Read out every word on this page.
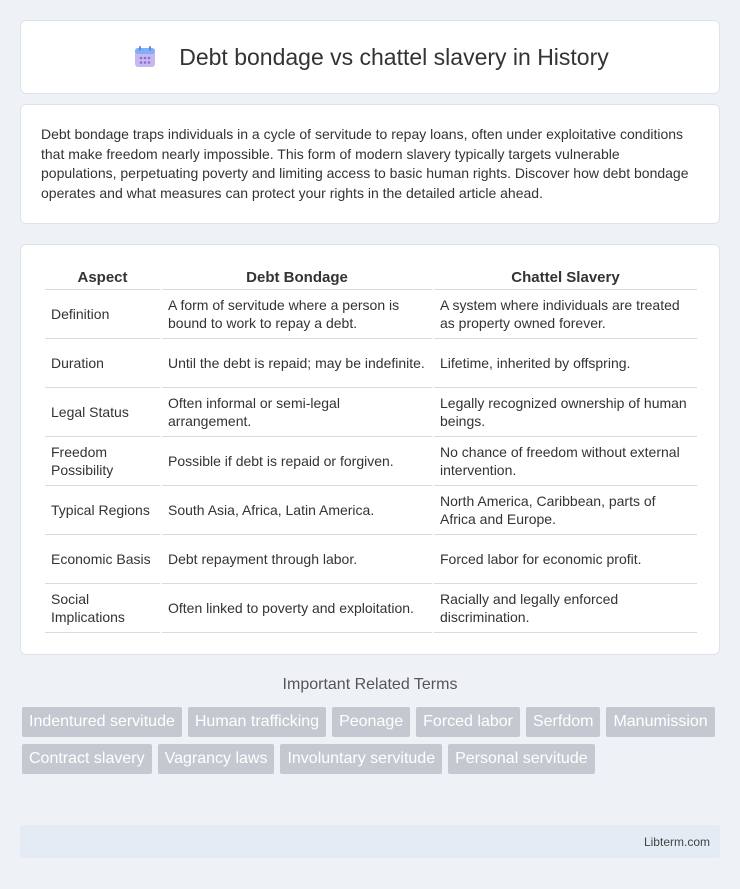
Debt bondage vs chattel slavery in History

Debt bondage traps individuals in a cycle of servitude to repay loans, often under exploitative conditions that make freedom nearly impossible. This form of modern slavery typically targets vulnerable populations, perpetuating poverty and limiting access to basic human rights. Discover how debt bondage operates and what measures can protect your rights in the detailed article ahead.

Aspect	Debt Bondage	Chattel Slavery
Definition	A form of servitude where a person is bound to work to repay a debt.	A system where individuals are treated as property owned forever.
Duration	Until the debt is repaid; may be indefinite.	Lifetime, inherited by offspring.
Legal Status	Often informal or semi-legal arrangement.	Legally recognized ownership of human beings.
Freedom Possibility	Possible if debt is repaid or forgiven.	No chance of freedom without external intervention.
Typical Regions	South Asia, Africa, Latin America.	North America, Caribbean, parts of Africa and Europe.
Economic Basis	Debt repayment through labor.	Forced labor for economic profit.
Social Implications	Often linked to poverty and exploitation.	Racially and legally enforced discrimination.
Important Related Terms
Indentured servitude	Human trafficking	Peonage	Forced labor	Serfdom	Manumission
Contract slavery	Vagrancy laws	Involuntary servitude	Personal servitude
Libterm.com
